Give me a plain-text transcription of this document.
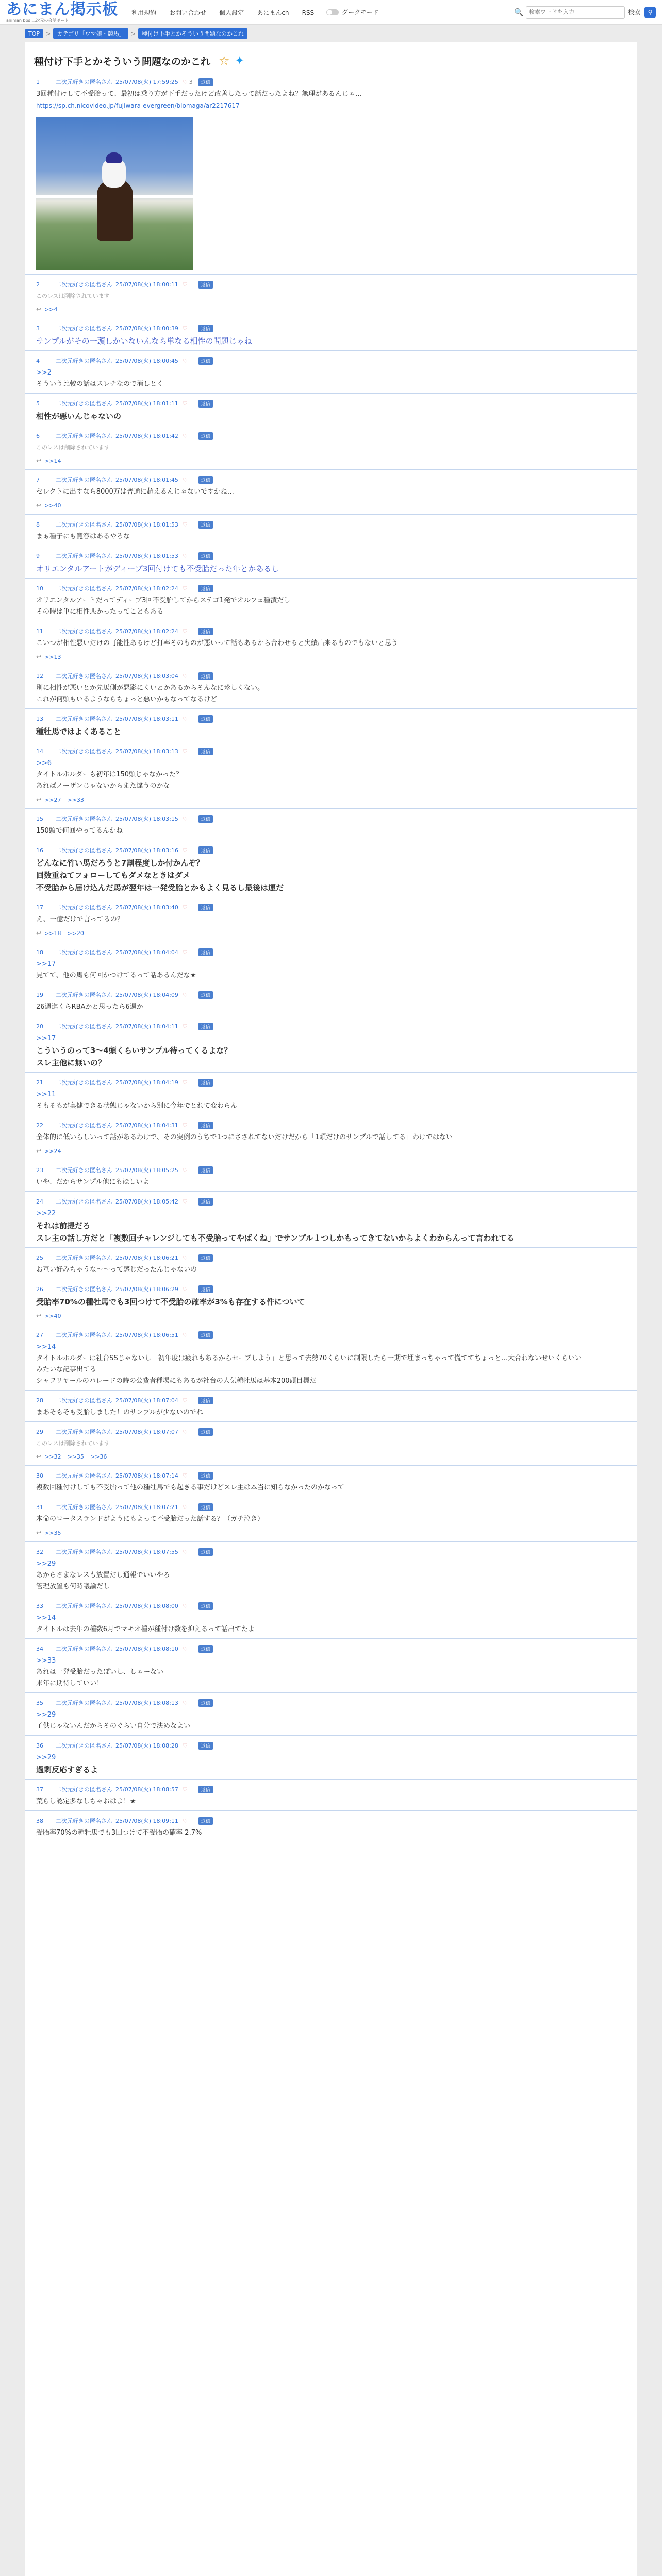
あにまん掲示板
animan bbs 二次元の会話ボード
利用規約 お問い合わせ 個人設定 あにまんch RSS	ダークモード	🔍
検索ワードを入力	検索	⚲
TOP	>	カテゴリ「ウマ娘・競馬」	>	種付け下手とかそういう問題なのかこれ
種付け下手とかそういう問題なのかこれ ☆ ✦
1	二次元好きの匿名さん 25/07/08(火) 17:59:25 ♡ 3	返信
3回種付けして不受胎って、最初は乗り方が下手だったけど改善したって話だったよね？無理があるんじゃ…
https://sp.ch.nicovideo.jp/fujiwara-evergreen/blomaga/ar2217617
2	二次元好きの匿名さん 25/07/08(火) 18:00:11 ♡	返信
このレスは削除されています
↩ >>4
3	二次元好きの匿名さん 25/07/08(火) 18:00:39 ♡	返信
サンプルがその一頭しかいないんなら単なる相性の問題じゃね
4	二次元好きの匿名さん 25/07/08(火) 18:00:45 ♡	返信
>>2
そういう比較の話はスレチなので消しとく
5	二次元好きの匿名さん 25/07/08(火) 18:01:11 ♡	返信
相性が悪いんじゃないの
6	二次元好きの匿名さん 25/07/08(火) 18:01:42 ♡	返信
このレスは削除されています
↩ >>14
7	二次元好きの匿名さん 25/07/08(火) 18:01:45 ♡	返信
セレクトに出すなら8000万は普通に超えるんじゃないですかね…
↩ >>40
8	二次元好きの匿名さん 25/07/08(火) 18:01:53 ♡	返信
まぁ種子にも寛容はあるやろな
9	二次元好きの匿名さん 25/07/08(火) 18:01:53 ♡	返信
オリエンタルアートがディープ3回付けても不受胎だった年とかあるし
10	二次元好きの匿名さん 25/07/08(火) 18:02:24 ♡	返信
オリエンタルアートだってディープ3回不受胎してからステゴ1発でオルフェ種漬だし
その時は単に相性悪かったってこともある
11	二次元好きの匿名さん 25/07/08(火) 18:02:24 ♡	返信
こいつが相性悪いだけの可能性あるけど打率そのものが悪いって話もあるから合わせると実績出来るものでもないと思う
↩ >>13
12	二次元好きの匿名さん 25/07/08(火) 18:03:04 ♡	返信
別に相性が悪いとか先馬側が悪影にくいとかあるからそんなに珍しくない。
これが何頭もいるようならちょっと悪いかもなってなるけど
13	二次元好きの匿名さん 25/07/08(火) 18:03:11 ♡	返信
種牡馬ではよくあること
14	二次元好きの匿名さん 25/07/08(火) 18:03:13 ♡	返信
>>6
タイトルホルダーも初年は150頭じゃなかった？
あればノーザンじゃないからまた違うのかな
↩ >>27 >>33
15	二次元好きの匿名さん 25/07/08(火) 18:03:15 ♡	返信
150頭で何回やってるんかね
16	二次元好きの匿名さん 25/07/08(火) 18:03:16 ♡	返信
どんなに竹い馬だろうと7割程度しか付かんぞ？
回数重ねてフォローしてもダメなときはダメ
不受胎から届け込んだ馬が翌年は一発受胎とかもよく見るし最後は運だ
17	二次元好きの匿名さん 25/07/08(火) 18:03:40 ♡	返信
え、一億だけで言ってるの？
↩ >>18 >>20
18	二次元好きの匿名さん 25/07/08(火) 18:04:04 ♡	返信
>>17
見てて、他の馬も何回かつけてるって話あるんだな★
19	二次元好きの匿名さん 25/07/08(火) 18:04:09 ♡	返信
26週迄くらRBAかと思ったら6週か
20	二次元好きの匿名さん 25/07/08(火) 18:04:11 ♡	返信
>>17
こういうのって3〜4頭くらいサンプル待ってくるよな？
スレ主他に無いの？
21	二次元好きの匿名さん 25/07/08(火) 18:04:19 ♡	返信
>>11
そもそもが奥健できる状態じゃないから別に今年でとれて変わらん
22	二次元好きの匿名さん 25/07/08(火) 18:04:31 ♡	返信
全体的に低いらしいって話があるわけで、その実例のうちで1つにさされてないだけだから「1頭だけのサンプルで話してる」わけではない
↩ >>24
23	二次元好きの匿名さん 25/07/08(火) 18:05:25 ♡	返信
いや、だからサンプル他にもほしいよ
24	二次元好きの匿名さん 25/07/08(火) 18:05:42 ♡	返信
>>22
それは前提だろ
スレ主の話し方だと「複数回チャレンジしても不受胎ってやばくね」でサンプル１つしかもってきてないからよくわからんって言われてる
25	二次元好きの匿名さん 25/07/08(火) 18:06:21 ♡	返信
お互い好みちゃうな〜〜って感じだったんじゃないの
26	二次元好きの匿名さん 25/07/08(火) 18:06:29 ♡	返信
受胎率70%の種牡馬でも3回つけて不受胎の確率が3%も存在する件について
↩ >>40
27	二次元好きの匿名さん 25/07/08(火) 18:06:51 ♡	返信
>>14
タイトルホルダーは社台SSじゃないし「初年度は疲れもあるからセーブしよう」と思って去勢70くらいに制限したら一期で埋まっちゃって慌ててちょっと…大合わないせいくらいい
みたいな記事出てる
シャフリヤールのパレードの時の公費者種場にもあるが社台の人気種牡馬は基本200頭目標だ
28	二次元好きの匿名さん 25/07/08(火) 18:07:04 ♡	返信
まあそもそも受胎しました！のサンプルが少ないのでね
29	二次元好きの匿名さん 25/07/08(火) 18:07:07 ♡	返信
このレスは削除されています
↩ >>32 >>35 >>36
30	二次元好きの匿名さん 25/07/08(火) 18:07:14 ♡	返信
複数回種付けしても不受胎って他の種牡馬でも起きる事だけどスレ主は本当に知らなかったのかなって
31	二次元好きの匿名さん 25/07/08(火) 18:07:21 ♡	返信
本命のロータスランドがようにもよって不受胎だった話する？（ガチ泣き）
↩ >>35
32	二次元好きの匿名さん 25/07/08(火) 18:07:55 ♡	返信
>>29
あからさまなレスも放置だし通報でいいやろ
管理放置も何時議論だし
33	二次元好きの匿名さん 25/07/08(火) 18:08:00 ♡	返信
>>14
タイトルは去年の種数6月でマキオ種が種付け数を抑えるって話出てたよ
34	二次元好きの匿名さん 25/07/08(火) 18:08:10 ♡	返信
>>33
あれは一発受胎だったぽいし、しゃーない
来年に期待していい！
35	二次元好きの匿名さん 25/07/08(火) 18:08:13 ♡	返信
>>29
子供じゃないんだからそのぐらい自分で決めなよい
36	二次元好きの匿名さん 25/07/08(火) 18:08:28 ♡	返信
>>29
過剰反応すぎるよ
37	二次元好きの匿名さん 25/07/08(火) 18:08:57 ♡	返信
荒らし認定多なしちゃおはよ！★
38	二次元好きの匿名さん 25/07/08(火) 18:09:11 ♡	返信
受胎率70%の種牡馬でも3回つけて不受胎の確率 2.7%
